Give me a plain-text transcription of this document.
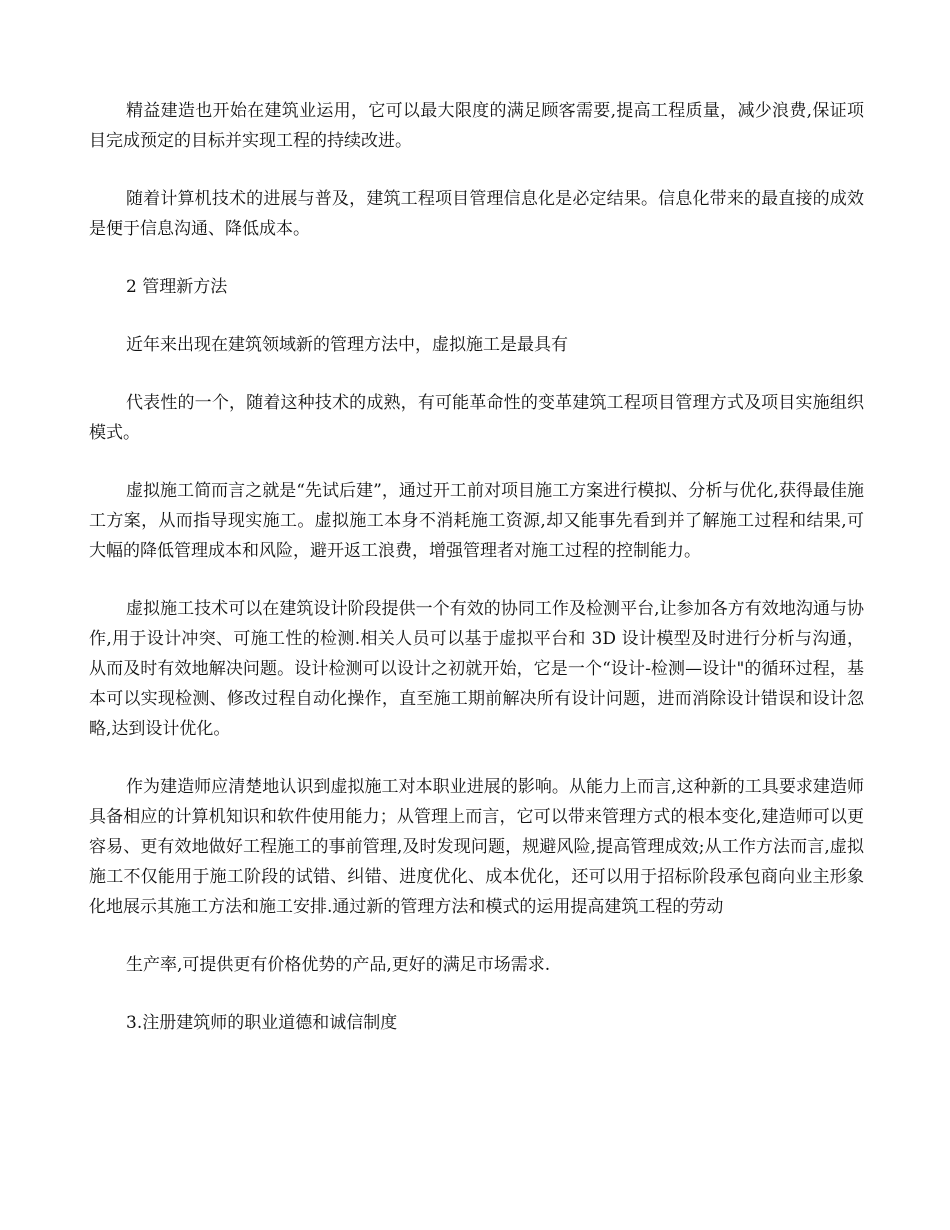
精益建造也开始在建筑业运用，它可以最大限度的满足顾客需要,提高工程质量，减少浪费,保证项目完成预定的目标并实现工程的持续改进。

随着计算机技术的进展与普及，建筑工程项目管理信息化是必定结果。信息化带来的最直接的成效是便于信息沟通、降低成本。

2 管理新方法

近年来出现在建筑领域新的管理方法中，虚拟施工是最具有

代表性的一个，随着这种技术的成熟，有可能革命性的变革建筑工程项目管理方式及项目实施组织模式。

虚拟施工简而言之就是“先试后建”，通过开工前对项目施工方案进行模拟、分析与优化,获得最佳施工方案，从而指导现实施工。虚拟施工本身不消耗施工资源,却又能事先看到并了解施工过程和结果,可大幅的降低管理成本和风险，避开返工浪费，增强管理者对施工过程的控制能力。

虚拟施工技术可以在建筑设计阶段提供一个有效的协同工作及检测平台,让参加各方有效地沟通与协作,用于设计冲突、可施工性的检测.相关人员可以基于虚拟平台和 3D 设计模型及时进行分析与沟通，从而及时有效地解决问题。设计检测可以设计之初就开始，它是一个“设计-检测—设计"的循环过程，基本可以实现检测、修改过程自动化操作，直至施工期前解决所有设计问题，进而消除设计错误和设计忽略,达到设计优化。

作为建造师应清楚地认识到虚拟施工对本职业进展的影响。从能力上而言,这种新的工具要求建造师具备相应的计算机知识和软件使用能力；从管理上而言，它可以带来管理方式的根本变化,建造师可以更容易、更有效地做好工程施工的事前管理,及时发现问题，规避风险,提高管理成效;从工作方法而言,虚拟施工不仅能用于施工阶段的试错、纠错、进度优化、成本优化，还可以用于招标阶段承包商向业主形象化地展示其施工方法和施工安排.通过新的管理方法和模式的运用提高建筑工程的劳动

生产率,可提供更有价格优势的产品,更好的满足市场需求.

3.注册建筑师的职业道德和诚信制度
